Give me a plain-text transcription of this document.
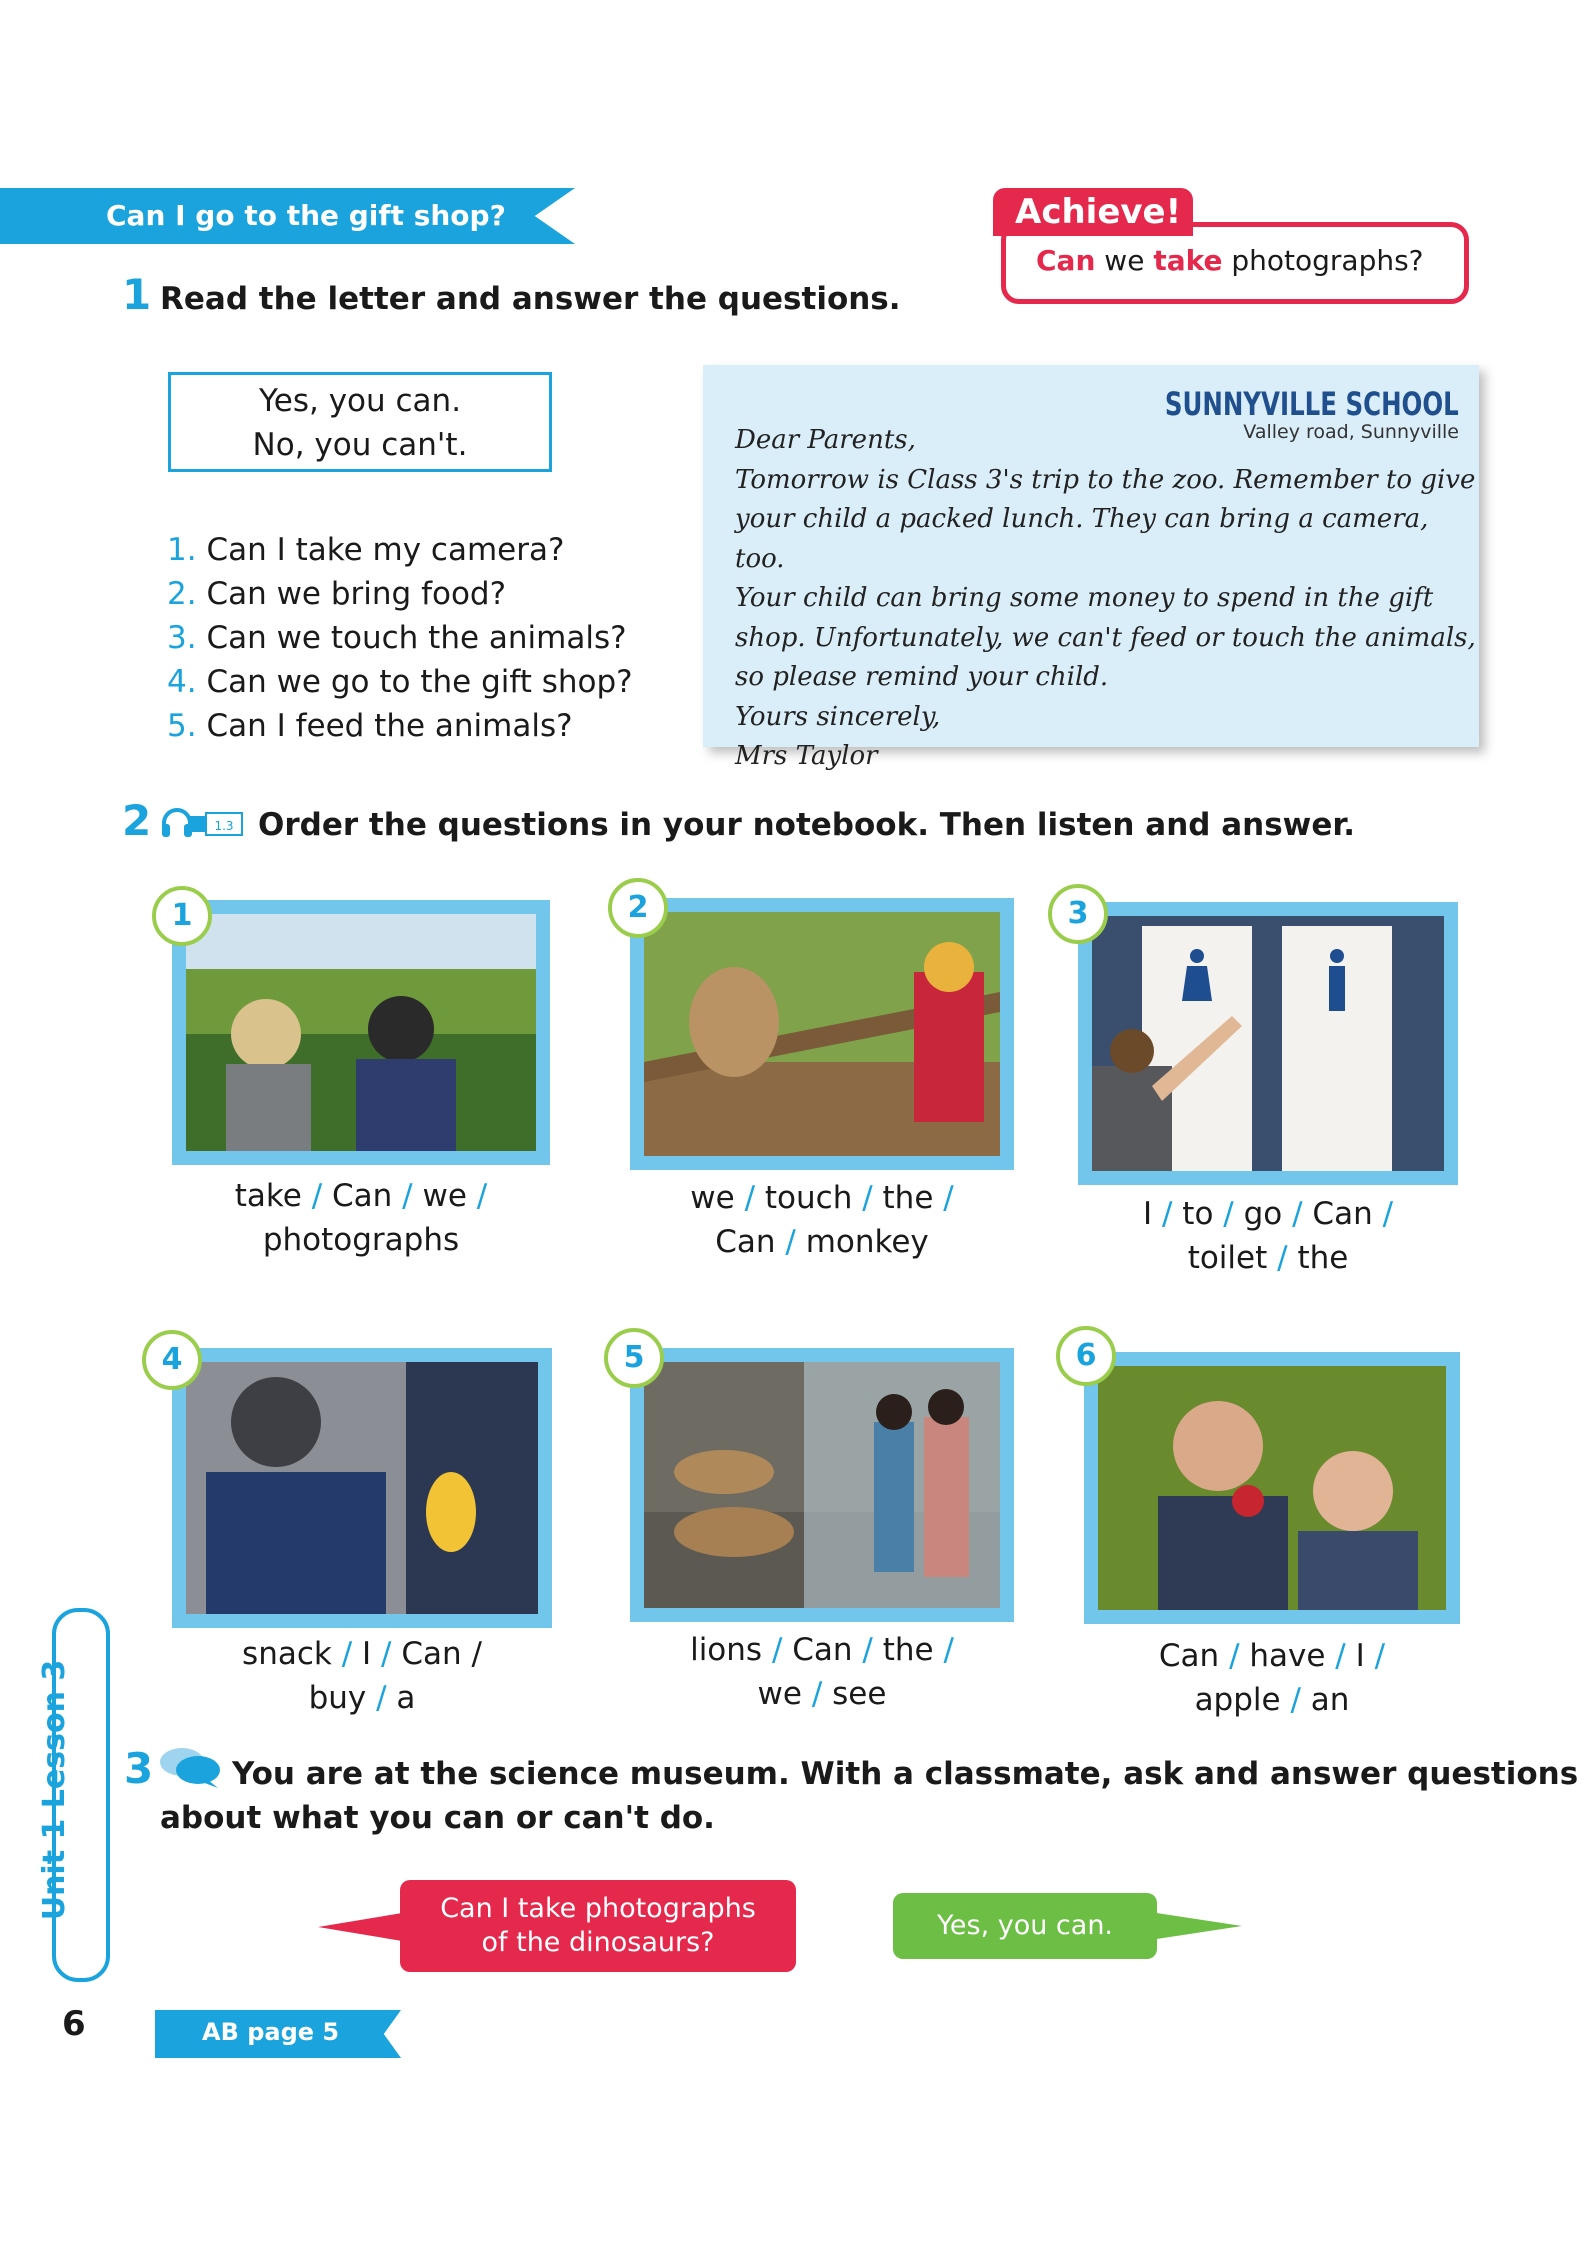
Can I go to the gift shop?	Achieve!
Can we take photographs?
1 Read the letter and answer the questions.
Yes, you can.
No, you can't.
1. Can I take my camera?
2. Can we bring food?
3. Can we touch the animals?
4. Can we go to the gift shop?
5. Can I feed the animals?
SUNNYVILLE SCHOOL
Valley road, Sunnyville
Dear Parents,
Tomorrow is Class 3's trip to the zoo. Remember to give
your child a packed lunch. They can bring a camera, too.
Your child can bring some money to spend in the gift
shop. Unfortunately, we can't feed or touch the animals,
so please remind your child.
Yours sincerely,
Mrs Taylor
2	1.3 Order the questions in your notebook. Then listen and answer.
1
take / Can / we /
photographs
2
we / touch / the /
Can / monkey
3
I / to / go / Can /
toilet / the
4
snack / I / Can /
buy / a
5
lions / Can / the /
we / see
6
Can / have / I /
apple / an
Unit 1 Lesson 3 3	You are at the science museum. With a classmate, ask and answer questions
about what you can or can't do.
Can I take photographs
of the dinosaurs?
Yes, you can.
6	AB page 5
